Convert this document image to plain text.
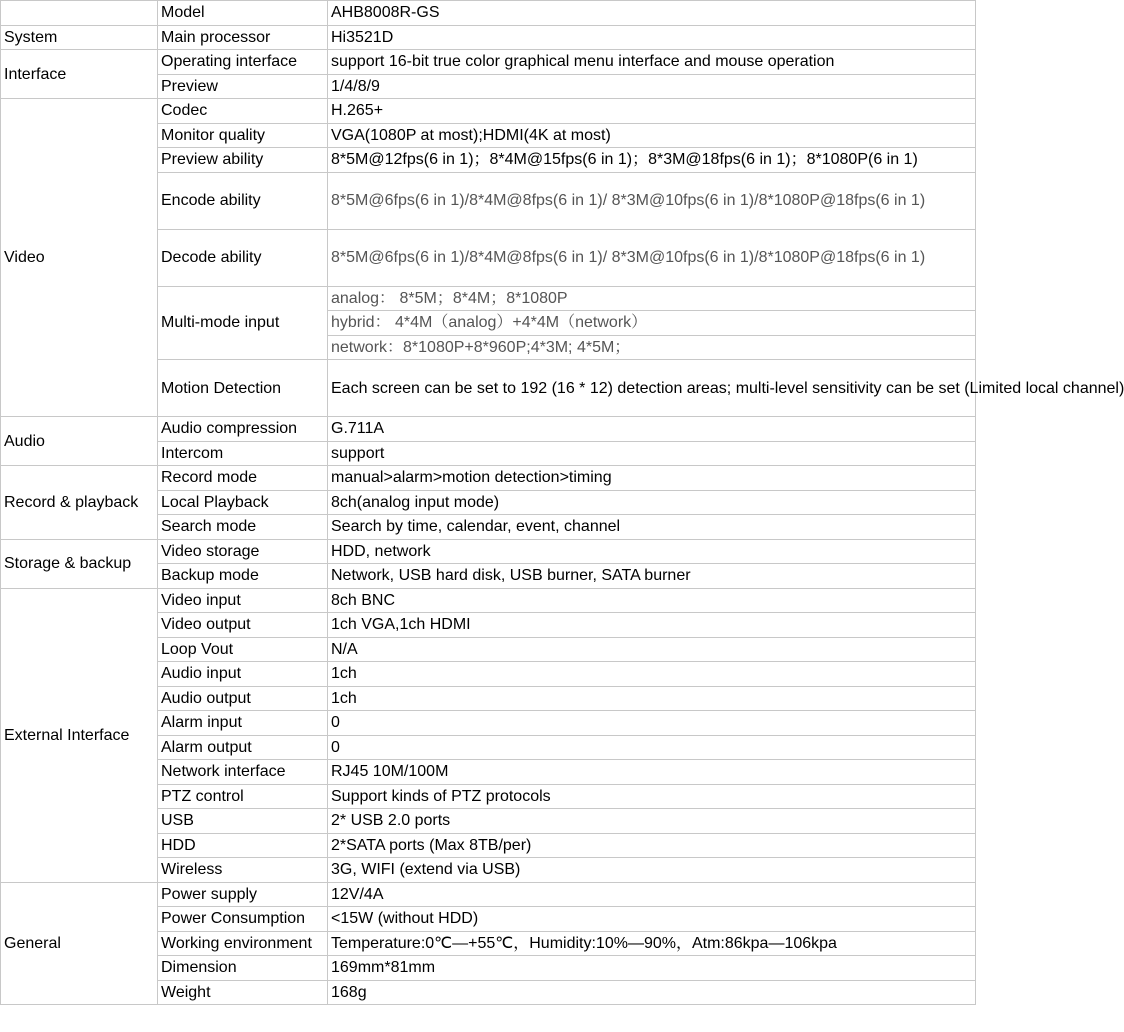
	Model	AHB8008R-GS
System	Main processor	Hi3521D
Interface	Operating interface	support 16-bit true color graphical menu interface and mouse operation
	Preview	1/4/8/9
Video	Codec	H.265+
	Monitor quality	VGA(1080P at most);HDMI(4K at most)
	Preview ability	8*5M@12fps(6 in 1)；8*4M@15fps(6 in 1)；8*3M@18fps(6 in 1)；8*1080P(6 in 1)
	Encode ability	8*5M@6fps(6 in 1)/8*4M@8fps(6 in 1)/ 8*3M@10fps(6 in 1)/8*1080P@18fps(6 in 1)
	Decode ability	8*5M@6fps(6 in 1)/8*4M@8fps(6 in 1)/ 8*3M@10fps(6 in 1)/8*1080P@18fps(6 in 1)
	Multi-mode input	analog： 8*5M；8*4M；8*1080P
		hybrid： 4*4M（analog）+4*4M（network）
		network：8*1080P+8*960P;4*3M; 4*5M；
	Motion Detection	Each screen can be set to 192 (16 * 12) detection areas; multi-level sensitivity can be set (Limited local channel)
Audio	Audio compression	G.711A
	Intercom	support
Record & playback	Record mode	manual>alarm>motion detection>timing
	Local Playback	8ch(analog input mode)
	Search mode	Search by time, calendar, event, channel
Storage & backup	Video storage	HDD, network
	Backup mode	Network, USB hard disk, USB burner, SATA burner
External Interface	Video input	8ch BNC
	Video output	1ch VGA,1ch HDMI
	Loop Vout	N/A
	Audio input	1ch
	Audio output	1ch
	Alarm input	0
	Alarm output	0
	Network interface	RJ45 10M/100M
	PTZ control	Support kinds of PTZ protocols
	USB	2* USB 2.0 ports
	HDD	2*SATA ports (Max 8TB/per)
	Wireless	3G, WIFI (extend via USB)
General	Power supply	12V/4A
	Power Consumption	<15W (without HDD)
	Working environment	Temperature:0℃—+55℃，Humidity:10%—90%，Atm:86kpa—106kpa
	Dimension	169mm*81mm
	Weight	168g
